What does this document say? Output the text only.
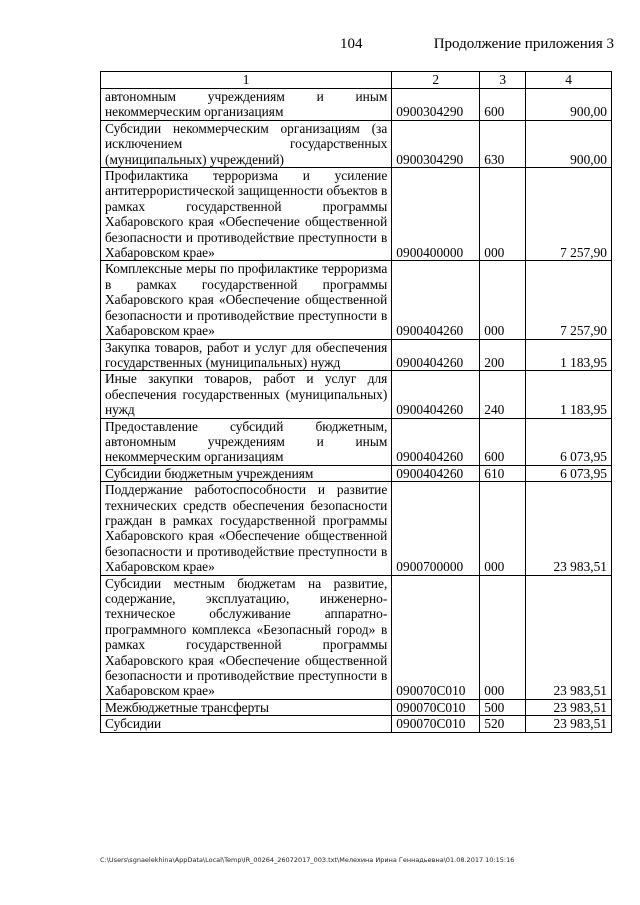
104	Продолжение приложения 3
1	2	3	4
автономным учреждениям и иным некоммерческим организациям	0900304290	600	900,00
Субсидии некоммерческим организациям (за исключением государственных (муниципальных) учреждений)	0900304290	630	900,00
Профилактика терроризма и усиление антитеррористической защищенности объектов в рамках государственной программы Хабаровского края «Обеспечение общественной безопасности и противодействие преступности в Хабаровском крае»	0900400000	000	7 257,90
Комплексные меры по профилактике терроризма в рамках государственной программы Хабаровского края «Обеспечение общественной безопасности и противодействие преступности в Хабаровском крае»	0900404260	000	7 257,90
Закупка товаров, работ и услуг для обеспечения государственных (муниципальных) нужд	0900404260	200	1 183,95
Иные закупки товаров, работ и услуг для обеспечения государственных (муниципальных) нужд	0900404260	240	1 183,95
Предоставление субсидий бюджетным, автономным учреждениям и иным некоммерческим организациям	0900404260	600	6 073,95
Субсидии бюджетным учреждениям	0900404260	610	6 073,95
Поддержание работоспособности и развитие технических средств обеспечения безопасности граждан в рамках государственной программы Хабаровского края «Обеспечение общественной безопасности и противодействие преступности в Хабаровском крае»	0900700000	000	23 983,51
Субсидии местным бюджетам на развитие, содержание, эксплуатацию, инженерно-техническое обслуживание аппаратно-программного комплекса «Безопасный город» в рамках государственной программы Хабаровского края «Обеспечение общественной безопасности и противодействие преступности в Хабаровском крае»	090070С010	000	23 983,51
Межбюджетные трансферты	090070С010	500	23 983,51
Субсидии	090070С010	520	23 983,51
C:\Users\sgnaelekhina\AppData\Local\Temp\IR_00264_26072017_003.txt\Мелехина Ирина Геннадьевна\01.08.2017 10:15:16
